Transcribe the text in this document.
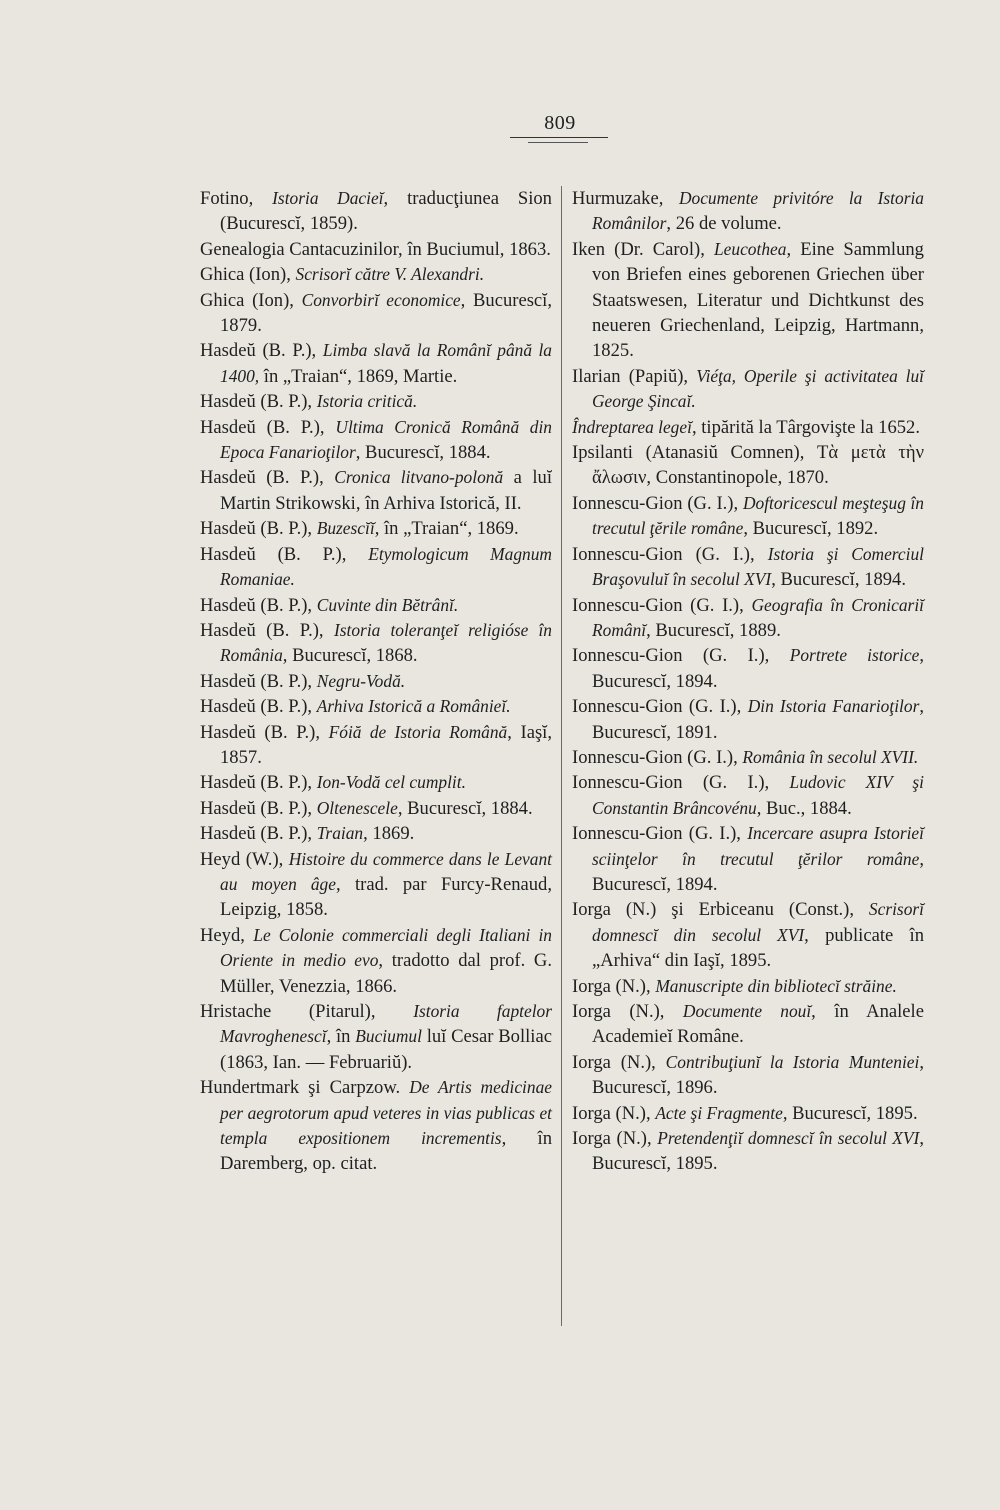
809

Fotino, Istoria Dacieĭ, traducţiunea Sion (Bucurescĭ, 1859).

Genealogia Cantacuzinilor, în Buciumul, 1863.

Ghica (Ion), Scrisorĭ către V. Alexandri.

Ghica (Ion), Convorbirĭ economice, Bucurescĭ, 1879.

Hasdeŭ (B. P.), Limba slavă la Românĭ până la 1400, în „Traian“, 1869, Martie.

Hasdeŭ (B. P.), Istoria critică.

Hasdeŭ (B. P.), Ultima Cronică Română din Epoca Fanarioţilor, Bucurescĭ, 1884.

Hasdeŭ (B. P.), Cronica litvano-polonă a luĭ Martin Strikowski, în Arhiva Istorică, II.

Hasdeŭ (B. P.), Buzescĭĭ, în „Traian“, 1869.

Hasdeŭ (B. P.), Etymologicum Magnum Romaniae.

Hasdeŭ (B. P.), Cuvinte din Bĕtrânĭ.

Hasdeŭ (B. P.), Istoria toleranţeĭ religióse în România, Bucurescĭ, 1868.

Hasdeŭ (B. P.), Negru-Vodă.

Hasdeŭ (B. P.), Arhiva Istorică a Românieĭ.

Hasdeŭ (B. P.), Fóiă de Istoria Română, Iaşĭ, 1857.

Hasdeŭ (B. P.), Ion-Vodă cel cumplit.

Hasdeŭ (B. P.), Oltenescele, Bucurescĭ, 1884.

Hasdeŭ (B. P.), Traian, 1869.

Heyd (W.), Histoire du commerce dans le Levant au moyen âge, trad. par Furcy-Renaud, Leipzig, 1858.

Heyd, Le Colonie commerciali degli Italiani in Oriente in medio evo, tradotto dal prof. G. Müller, Venezzia, 1866.

Hristache (Pitarul), Istoria faptelor Mavroghenescĭ, în Buciumul luĭ Cesar Bolliac (1863, Ian. — Februariŭ).

Hundertmark şi Carpzow. De Artis medicinae per aegrotorum apud veteres in vias publicas et templa expositionem incrementis, în Daremberg, op. citat.

Hurmuzake, Documente privitóre la Istoria Românilor, 26 de volume.

Iken (Dr. Carol), Leucothea, Eine Sammlung von Briefen eines geborenen Griechen über Staatswesen, Literatur und Dichtkunst des neueren Griechenland, Leipzig, Hartmann, 1825.

Ilarian (Papiŭ), Viéţa, Operile şi activitatea luĭ George Şincaĭ.

Îndreptarea legeĭ, tipărită la Târgovişte la 1652.

Ipsilanti (Atanasiŭ Comnen), Τὰ μετὰ τὴν ἄλωσιν, Constantinopole, 1870.

Ionnescu-Gion (G. I.), Doftoricescul meşteşug în trecutul ţĕrile române, Bucurescĭ, 1892.

Ionnescu-Gion (G. I.), Istoria şi Comerciul Braşovuluĭ în secolul XVI, Bucurescĭ, 1894.

Ionnescu-Gion (G. I.), Geografia în Cronicariĭ Românĭ, Bucurescĭ, 1889.

Ionnescu-Gion (G. I.), Portrete istorice, Bucurescĭ, 1894.

Ionnescu-Gion (G. I.), Din Istoria Fanarioţilor, Bucurescĭ, 1891.

Ionnescu-Gion (G. I.), România în secolul XVII.

Ionnescu-Gion (G. I.), Ludovic XIV şi Constantin Brâncovénu, Buc., 1884.

Ionnescu-Gion (G. I.), Incercare asupra Istorieĭ sciinţelor în trecutul ţĕrilor române, Bucurescĭ, 1894.

Iorga (N.) şi Erbiceanu (Const.), Scrisorĭ domnescĭ din secolul XVI, publicate în „Arhiva“ din Iaşĭ, 1895.

Iorga (N.), Manuscripte din bibliotecĭ străine.

Iorga (N.), Documente nouĭ, în Analele Academieĭ Române.

Iorga (N.), Contribuţiunĭ la Istoria Munteniei, Bucurescĭ, 1896.

Iorga (N.), Acte şi Fragmente, Bucurescĭ, 1895.

Iorga (N.), Pretendenţiĭ domnescĭ în secolul XVI, Bucurescĭ, 1895.
